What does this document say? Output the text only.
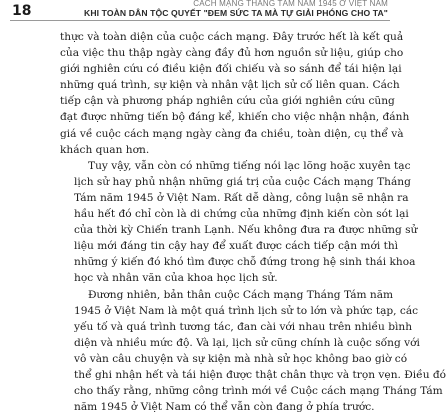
18	CÁCH MẠNG THÁNG TÁM NĂM 1945 Ở VIỆT NAM
KHI TOÀN DÂN TỘC QUYẾT "ĐEM SỨC TA MÀ TỰ GIẢI PHÓNG CHO TA"
thực và toàn diện của cuộc cách mạng. Đây trước hết là kết quả
của việc thu thập ngày càng đầy đủ hơn nguồn sử liệu, giúp cho
giới nghiên cứu có điều kiện đối chiếu và so sánh để tái hiện lại
những quá trình, sự kiện và nhân vật lịch sử cố liên quan. Cách
tiếp cận và phương pháp nghiên cứu của giới nghiên cứu cũng
đạt được những tiến bộ đáng kể, khiến cho việc nhận nhận, đánh
giá về cuộc cách mạng ngày càng đa chiều, toàn diện, cụ thể và
khách quan hơn.
Tuy vậy, vẫn còn có những tiếng nói lạc lõng hoặc xuyên tạc
lịch sử hay phủ nhận những giá trị của cuộc Cách mạng Tháng
Tám năm 1945 ở Việt Nam. Rất dễ dàng, công luận sẽ nhận ra
hầu hết đó chỉ còn là di chứng của những định kiến còn sót lại
của thời kỳ Chiến tranh Lạnh. Nếu không đưa ra được những sử
liệu mới đáng tin cậy hay để xuất được cách tiếp cận mới thì
những ý kiến đó khó tìm được chỗ đứng trong hệ sinh thái khoa
học và nhân văn của khoa học lịch sử.
Đương nhiên, bản thân cuộc Cách mạng Tháng Tám năm
1945 ở Việt Nam là một quá trình lịch sử to lớn và phức tạp, các
yếu tố và quá trình tương tác, đan cài với nhau trên nhiều bình
diện và nhiều mức độ. Và lại, lịch sử cũng chính là cuộc sống với
vô vàn câu chuyện và sự kiện mà nhà sử học không bao giờ có
thể ghi nhận hết và tái hiện được thật chân thực và trọn vẹn. Điều đó
cho thấy rằng, những công trình mới về Cuộc cách mạng Tháng Tám
năm 1945 ở Việt Nam có thể vẫn còn đang ở phía trước.
